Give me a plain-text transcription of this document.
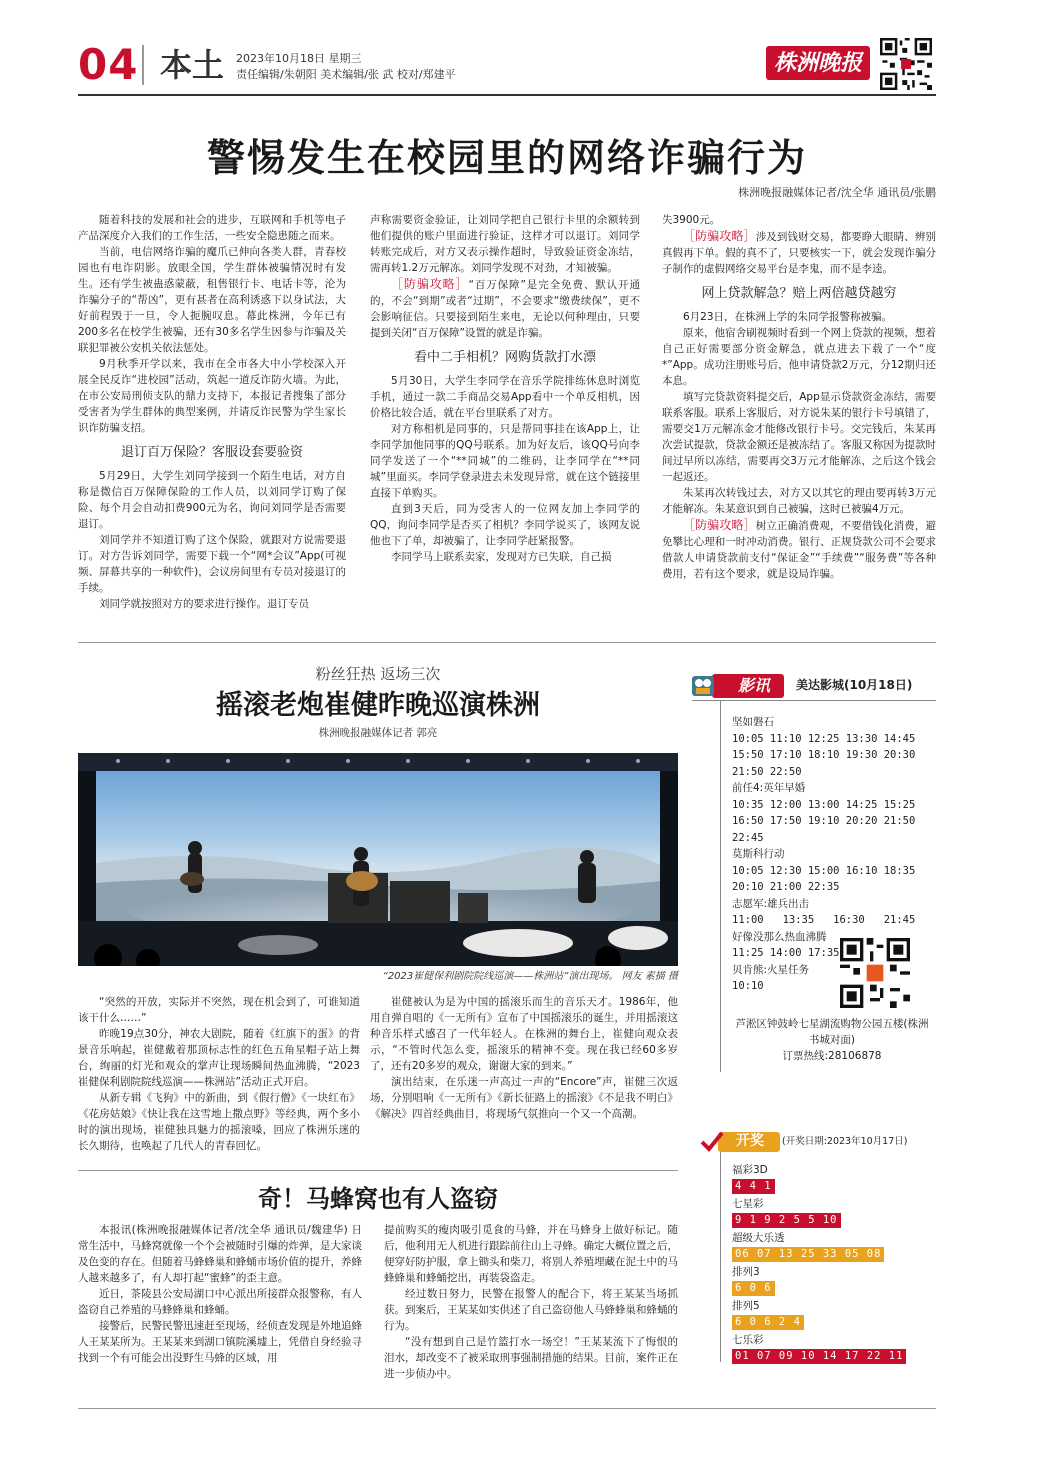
04 本土 2023年10月18日 星期三
责任编辑/朱朝阳 美术编辑/张 武 校对/郑建平	株洲晚报
警惕发生在校园里的网络诈骗行为
株洲晚报融媒体记者/沈全华 通讯员/张鹏

随着科技的发展和社会的进步，互联网和手机等电子产品深度介入我们的工作生活，一些安全隐患随之而来。

当前，电信网络诈骗的魔爪已伸向各类人群，青春校园也有电诈阴影。放眼全国，学生群体被骗情况时有发生。还有学生被蛊惑蒙蔽，租售银行卡、电话卡等，沦为诈骗分子的“帮凶”，更有甚者在高利诱惑下以身试法，大好前程毁于一旦，令人扼腕叹息。幕此株洲，今年已有200多名在校学生被骗，还有30多名学生因参与诈骗及关联犯罪被公安机关依法惩处。

9月秋季开学以来，我市在全市各大中小学校深入开展全民反诈“进校园”活动，筑起一道反诈防火墙。为此，在市公安局刑侦支队的鼎力支持下，本报记者搜集了部分受害者为学生群体的典型案例，并请反诈民警为学生家长识诈防骗支招。

退订百万保险？客服设套要验资

5月29日，大学生刘同学接到一个陌生电话，对方自称是微信百万保障保险的工作人员，以刘同学订购了保险、每个月会自动扣费900元为名，询问刘同学是否需要退订。

刘同学并不知道订购了这个保险，就跟对方说需要退订。对方告诉刘同学，需要下载一个“网*会议”App(可视频、屏幕共享的一种软件)，会议房间里有专员对接退订的手续。

刘同学就按照对方的要求进行操作。退订专员

声称需要资金验证，让刘同学把自己银行卡里的余额转到他们提供的账户里面进行验证，这样才可以退订。刘同学转账完成后，对方又表示操作超时，导致验证资金冻结，需再转1.2万元解冻。刘同学发现不对劲，才知被骗。

［防骗攻略］“百万保障”是完全免费、默认开通的，不会“到期”或者“过期”，不会要求“缴费续保”，更不会影响征信。只要接到陌生来电，无论以何种理由，只要提到关闭“百万保障”设置的就是诈骗。

看中二手相机？网购货款打水漂

5月30日，大学生李同学在音乐学院排练休息时浏览手机，通过一款二手商品交易App看中一个单反相机，因价格比较合适，就在平台里联系了对方。

对方称相机是同事的，只是帮同事挂在该App上，让李同学加他同事的QQ号联系。加为好友后，该QQ号向李同学发送了一个“**同城”的二维码，让李同学在“**同城”里面买。李同学登录进去未发现异常，就在这个链接里直接下单购买。

直到3天后，同为受害人的一位网友加上李同学的QQ，询问李同学是否买了相机？李同学说买了，该网友说他也下了单，却被骗了，让李同学赶紧报警。

李同学马上联系卖家，发现对方已失联，自己损

失3900元。

［防骗攻略］涉及到钱财交易，都要睁大眼睛、辨别真假再下单。假的真不了，只要核实一下，就会发现诈骗分子制作的虚假网络交易平台是李鬼，而不是李逵。

网上贷款解急？赔上两倍越贷越穷

6月23日，在株洲上学的朱同学报警称被骗。

原来，他宿舍刷视频时看到一个网上贷款的视频，想着自己正好需要部分资金解急，就点进去下载了一个“度*”App。成功注册账号后，他申请贷款2万元，分12期归还本息。

填写完贷款资料提交后，App显示贷款资金冻结，需要联系客服。联系上客服后，对方说朱某的银行卡号填错了，需要交1万元解冻金才能修改银行卡号。交完钱后，朱某再次尝试提款，贷款金额还是被冻结了。客服又称因为提款时间过早所以冻结，需要再交3万元才能解冻，之后这个钱会一起返还。

朱某再次转钱过去，对方又以其它的理由要再转3万元才能解冻。朱某意识到自己被骗，这时已被骗4万元。

［防骗攻略］树立正确消费观，不要借钱化消费，避免攀比心理和一时冲动消费。银行、正规贷款公司不会要求借款人申请贷款前支付“保证金”“手续费”“服务费”等各种费用，若有这个要求，就是设局诈骗。

粉丝狂热 返场三次
摇滚老炮崔健昨晚巡演株洲
株洲晚报融媒体记者 郭亮
“2023崔健保利剧院院线巡演——株洲站”演出现场。 网友 素描 摄

“突然的开放，实际并不突然，现在机会到了，可谁知道该干什么……”

昨晚19点30分，神农大剧院，随着《红旗下的蛋》的背景音乐响起，崔健戴着那顶标志性的红色五角星帽子站上舞台，绚丽的灯光和观众的掌声让现场瞬间热血沸腾，“2023崔健保利剧院院线巡演——株洲站”活动正式开启。

从新专辑《飞狗》中的新曲，到《假行僧》《一块红布》《花房姑娘》《快让我在这雪地上撒点野》等经典，两个多小时的演出现场，崔健独具魅力的摇滚嗓，回应了株洲乐迷的长久期待，也唤起了几代人的青春回忆。

崔健被认为是为中国的摇滚乐而生的音乐天才。1986年，他用自弹自唱的《一无所有》宣布了中国摇滚乐的诞生，并用摇滚这种音乐样式感召了一代年轻人。在株洲的舞台上，崔健向观众表示，“不管时代怎么变，摇滚乐的精神不变。现在我已经60多岁了，还有20多岁的观众，谢谢大家的到来。”

演出结束，在乐迷一声高过一声的“Encore”声，崔健三次返场，分别唱响《一无所有》《新长征路上的摇滚》《不是我不明白》《解决》四首经典曲目，将现场气氛推向一个又一个高潮。

奇！马蜂窝也有人盗窃

本报讯(株洲晚报融媒体记者/沈全华 通讯员/魏建华) 日常生活中，马蜂窝就像一个个会被随时引爆的炸弹，是大家谈及色变的存在。但随着马蜂蜂巢和蜂蛹市场价值的提升，养蜂人越来越多了，有人却打起“蜜蜂”的歪主意。

近日，茶陵县公安局湖口中心派出所接群众报警称，有人盗窃自己养殖的马蜂蜂巢和蜂蛹。

接警后，民警民警迅速赶至现场，经侦查发现是外地追蜂人王某某所为。王某某来到湖口镇院溪墟上，凭借自身经验寻找到一个有可能会出没野生马蜂的区域，用

提前购买的瘦肉吸引觅食的马蜂，并在马蜂身上做好标记。随后，他利用无人机进行跟踪前往山上寻蜂。确定大概位置之后，便穿好防护服，拿上锄头和柴刀，将别人养殖埋藏在泥土中的马蜂蜂巢和蜂蛹挖出，再装袋盗走。

经过数日努力，民警在报警人的配合下，将王某某当场抓获。到案后，王某某如实供述了自己盗窃他人马蜂蜂巢和蜂蛹的行为。

“没有想到自己是竹篮打水一场空！”王某某流下了悔恨的泪水，却改变不了被采取刑事强制措施的结果。目前，案件正在进一步侦办中。

影讯	美达影城(10月18日)
坚如磐石
10:05 11:10 12:25 13:30 14:45
15:50 17:10 18:10 19:30 20:30
21:50 22:50
前任4:英年早婚
10:35 12:00 13:00 14:25 15:25
16:50 17:50 19:10 20:20 21:50
22:45
莫斯科行动
10:05 12:30 15:00 16:10 18:35
20:10 21:00 22:35
志愿军:雄兵出击
11:00   13:35   16:30   21:45
好像没那么热血沸腾
11:25 14:00 17:35
贝肯熊:火星任务
10:10
芦淞区钟鼓岭七星湖流购物公园五楼(株洲书城对面)
订票热线:28106878
开奖	(开奖日期:2023年10月17日)
福彩3D
4 4 1
七星彩
9 1 9 2 5 5 10
超级大乐透
06 07 13 25 33 05 08
排列3
6 0 6
排列5
6 0 6 2 4
七乐彩
01 07 09 10 14 17 22 11
